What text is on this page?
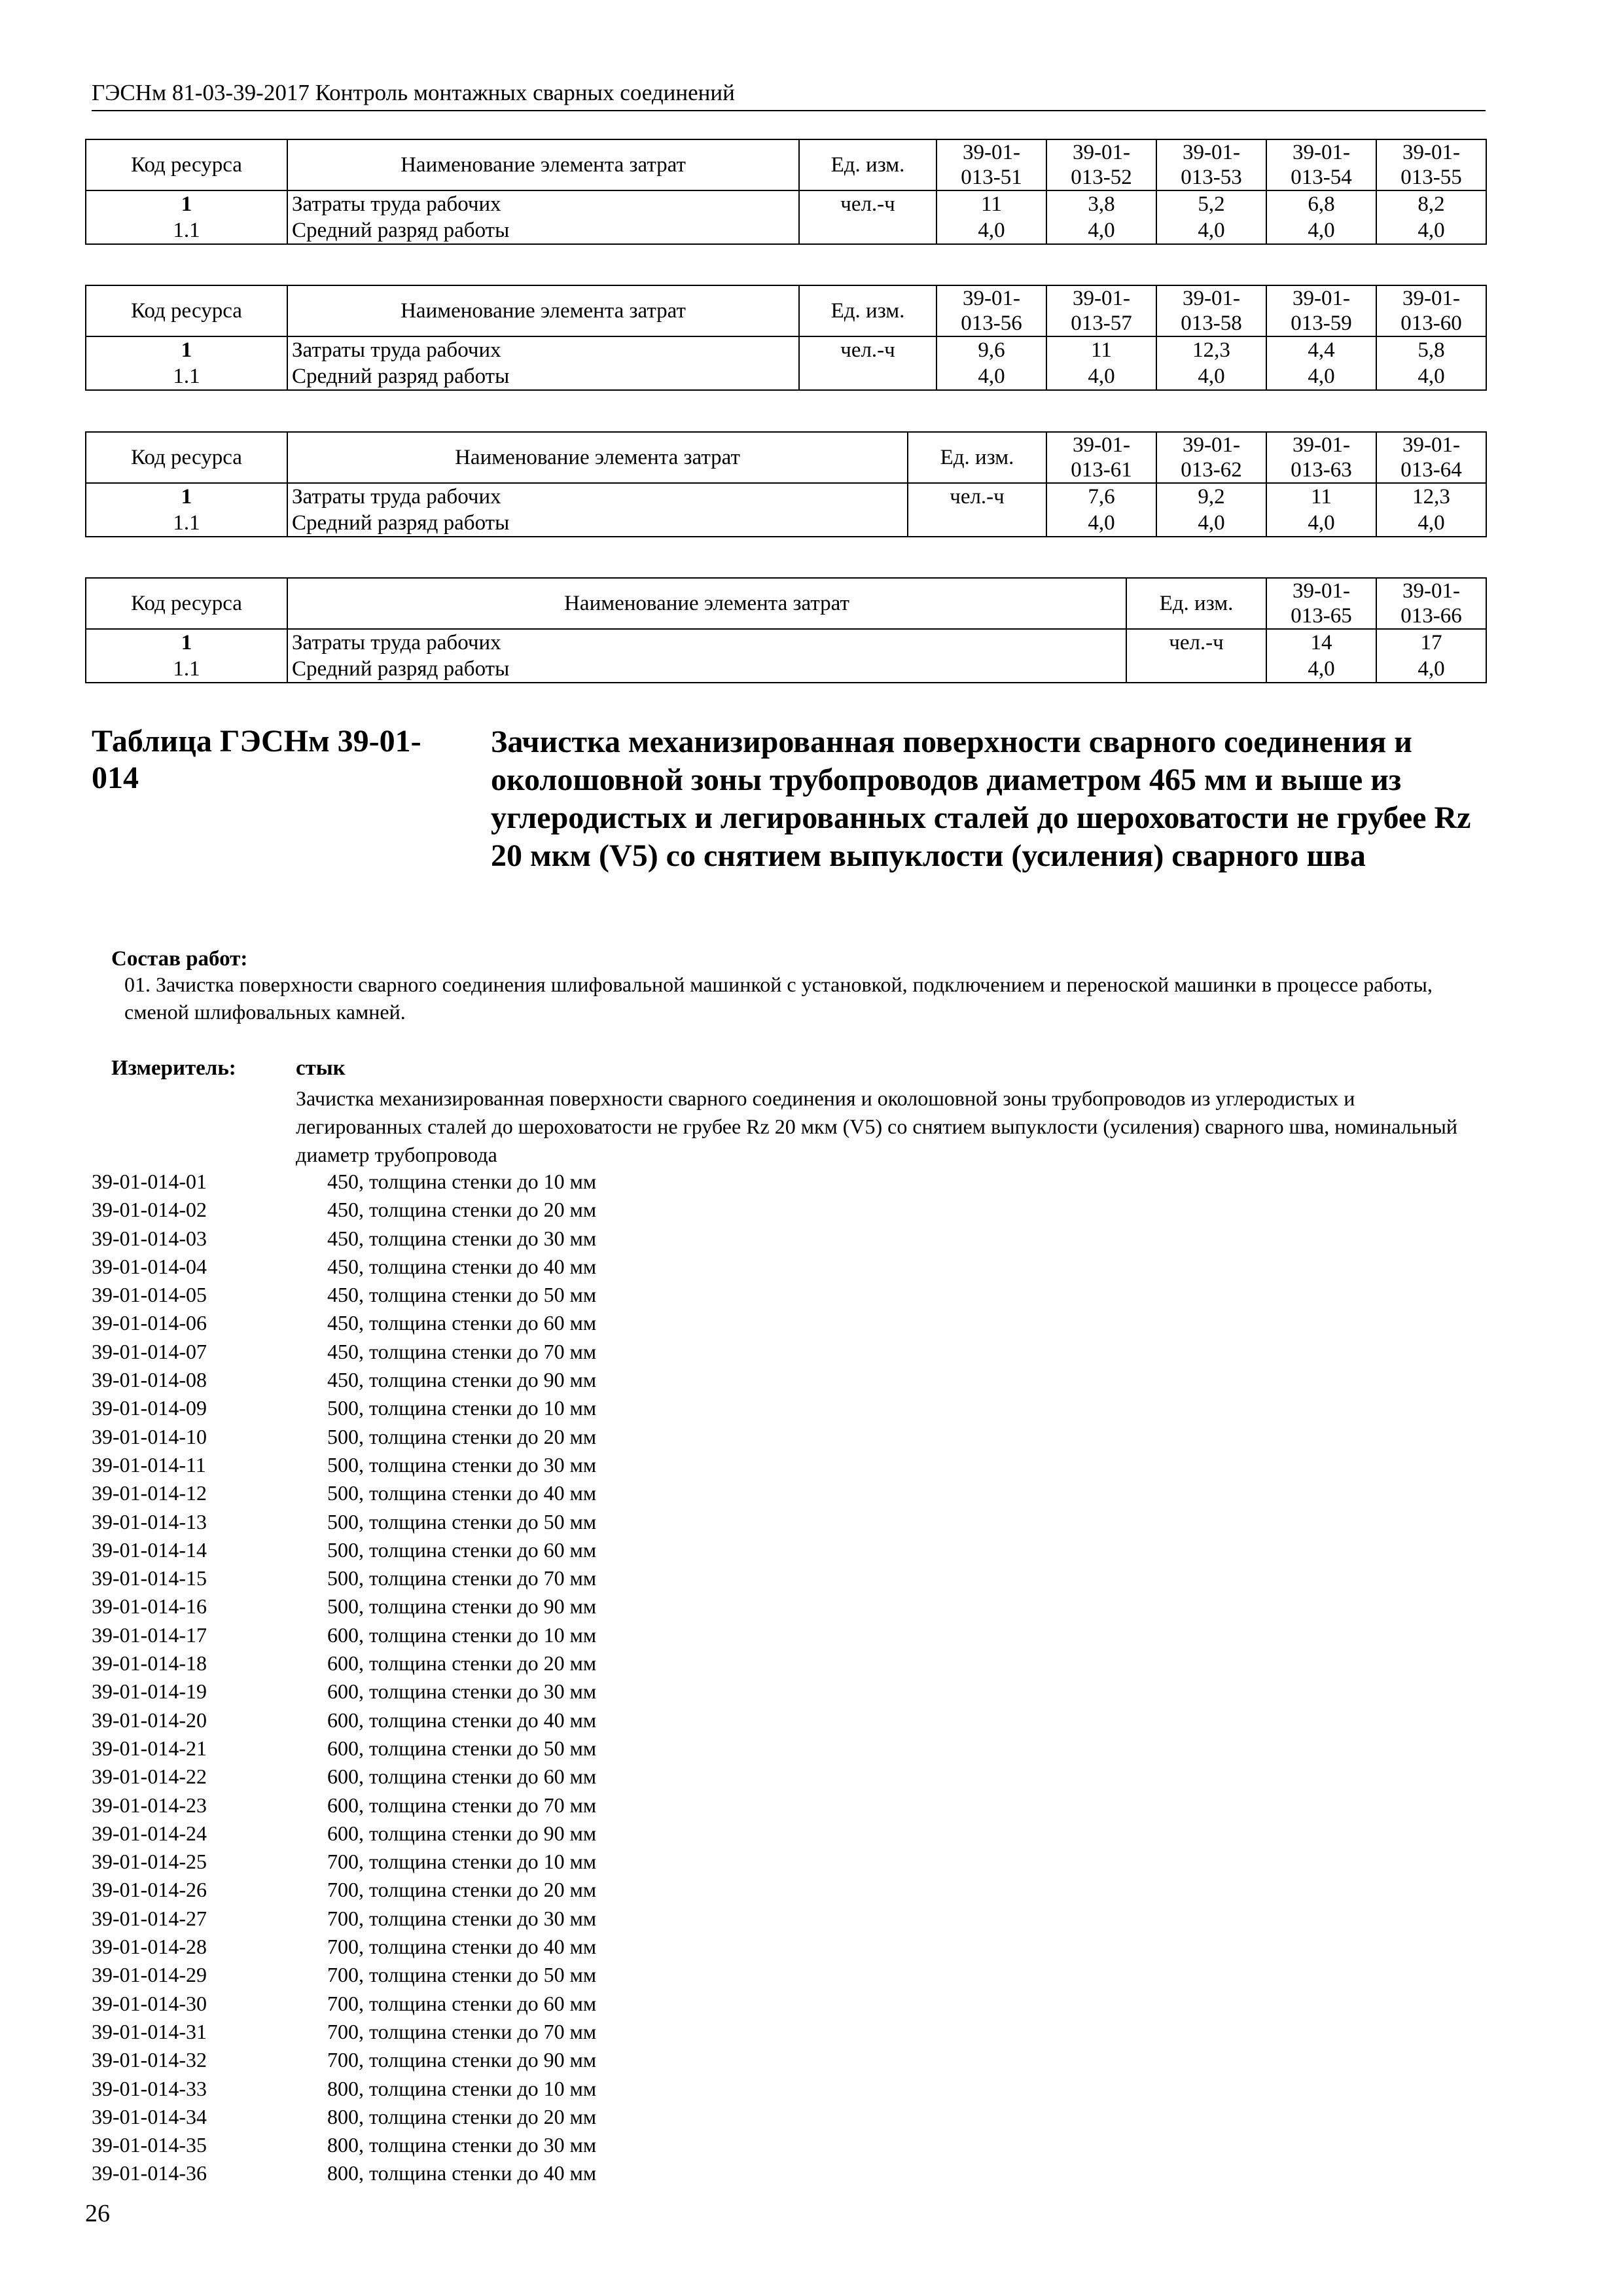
ГЭСНм 81-03-39-2017 Контроль монтажных сварных соединений
Код ресурса	Наименование элемента затрат	Ед. изм.	39-01-	39-01-	39-01-	39-01-	39-01-
			013-51	013-52	013-53	013-54	013-55
1	Затраты труда рабочих	чел.-ч	11	3,8	5,2	6,8	8,2
1.1	Средний разряд работы		4,0	4,0	4,0	4,0	4,0
Код ресурса	Наименование элемента затрат	Ед. изм.	39-01-	39-01-	39-01-	39-01-	39-01-
			013-56	013-57	013-58	013-59	013-60
1	Затраты труда рабочих	чел.-ч	9,6	11	12,3	4,4	5,8
1.1	Средний разряд работы		4,0	4,0	4,0	4,0	4,0
Код ресурса	Наименование элемента затрат	Ед. изм.	39-01-	39-01-	39-01-	39-01-
			013-61	013-62	013-63	013-64
1	Затраты труда рабочих	чел.-ч	7,6	9,2	11	12,3
1.1	Средний разряд работы		4,0	4,0	4,0	4,0
Код ресурса	Наименование элемента затрат	Ед. изм.	39-01-	39-01-
			013-65	013-66
1	Затраты труда рабочих	чел.-ч	14	17
1.1	Средний разряд работы		4,0	4,0
Таблица ГЭСНм 39-01-014
Зачистка механизированная поверхности сварного соединения и околошовной зоны трубопроводов диаметром 465 мм и выше из углеродистых и легированных сталей до шероховатости не грубее Rz 20 мкм (V5) со снятием выпуклости (усиления) сварного шва
Состав работ:
01. Зачистка поверхности сварного соединения шлифовальной машинкой с установкой, подключением и переноской машинки в процессе работы, сменой шлифовальных камней.
Измеритель:	стык
Зачистка механизированная поверхности сварного соединения и околошовной зоны трубопроводов из углеродистых и легированных сталей до шероховатости не грубее Rz 20 мкм (V5) со снятием выпуклости (усиления) сварного шва, номинальный диаметр трубопровода
39-01-014-01	450, толщина стенки до 10 мм
39-01-014-02	450, толщина стенки до 20 мм
39-01-014-03	450, толщина стенки до 30 мм
39-01-014-04	450, толщина стенки до 40 мм
39-01-014-05	450, толщина стенки до 50 мм
39-01-014-06	450, толщина стенки до 60 мм
39-01-014-07	450, толщина стенки до 70 мм
39-01-014-08	450, толщина стенки до 90 мм
39-01-014-09	500, толщина стенки до 10 мм
39-01-014-10	500, толщина стенки до 20 мм
39-01-014-11	500, толщина стенки до 30 мм
39-01-014-12	500, толщина стенки до 40 мм
39-01-014-13	500, толщина стенки до 50 мм
39-01-014-14	500, толщина стенки до 60 мм
39-01-014-15	500, толщина стенки до 70 мм
39-01-014-16	500, толщина стенки до 90 мм
39-01-014-17	600, толщина стенки до 10 мм
39-01-014-18	600, толщина стенки до 20 мм
39-01-014-19	600, толщина стенки до 30 мм
39-01-014-20	600, толщина стенки до 40 мм
39-01-014-21	600, толщина стенки до 50 мм
39-01-014-22	600, толщина стенки до 60 мм
39-01-014-23	600, толщина стенки до 70 мм
39-01-014-24	600, толщина стенки до 90 мм
39-01-014-25	700, толщина стенки до 10 мм
39-01-014-26	700, толщина стенки до 20 мм
39-01-014-27	700, толщина стенки до 30 мм
39-01-014-28	700, толщина стенки до 40 мм
39-01-014-29	700, толщина стенки до 50 мм
39-01-014-30	700, толщина стенки до 60 мм
39-01-014-31	700, толщина стенки до 70 мм
39-01-014-32	700, толщина стенки до 90 мм
39-01-014-33	800, толщина стенки до 10 мм
39-01-014-34	800, толщина стенки до 20 мм
39-01-014-35	800, толщина стенки до 30 мм
39-01-014-36	800, толщина стенки до 40 мм
26
